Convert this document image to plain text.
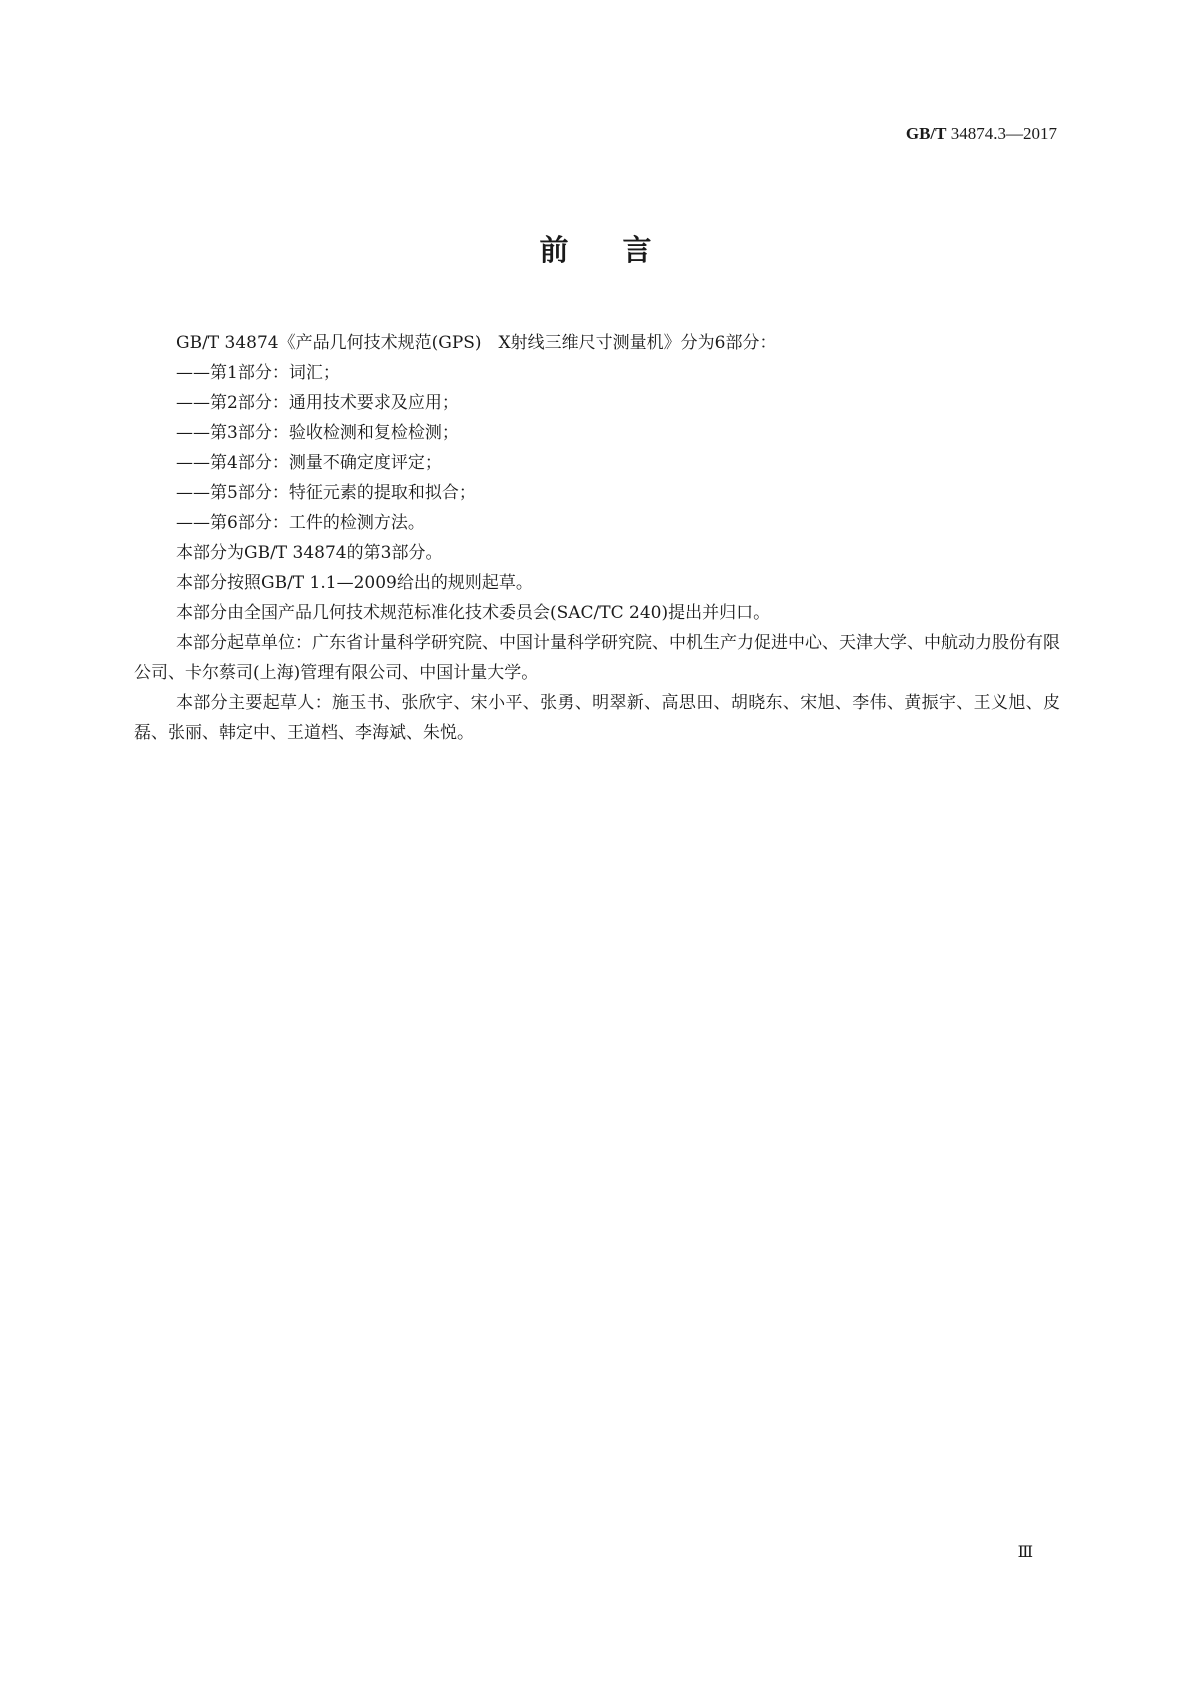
GB/T 34874.3—2017
前言

GB/T 34874《产品几何技术规范(GPS)　X射线三维尺寸测量机》分为6部分：

——第1部分：词汇；

——第2部分：通用技术要求及应用；

——第3部分：验收检测和复检检测；

——第4部分：测量不确定度评定；

——第5部分：特征元素的提取和拟合；

——第6部分：工件的检测方法。

本部分为GB/T 34874的第3部分。

本部分按照GB/T 1.1—2009给出的规则起草。

本部分由全国产品几何技术规范标准化技术委员会(SAC/TC 240)提出并归口。

本部分起草单位：广东省计量科学研究院、中国计量科学研究院、中机生产力促进中心、天津大学、中航动力股份有限公司、卡尔蔡司(上海)管理有限公司、中国计量大学。

本部分主要起草人：施玉书、张欣宇、宋小平、张勇、明翠新、高思田、胡晓东、宋旭、李伟、黄振宇、王义旭、皮磊、张丽、韩定中、王道档、李海斌、朱悦。

Ⅲ
